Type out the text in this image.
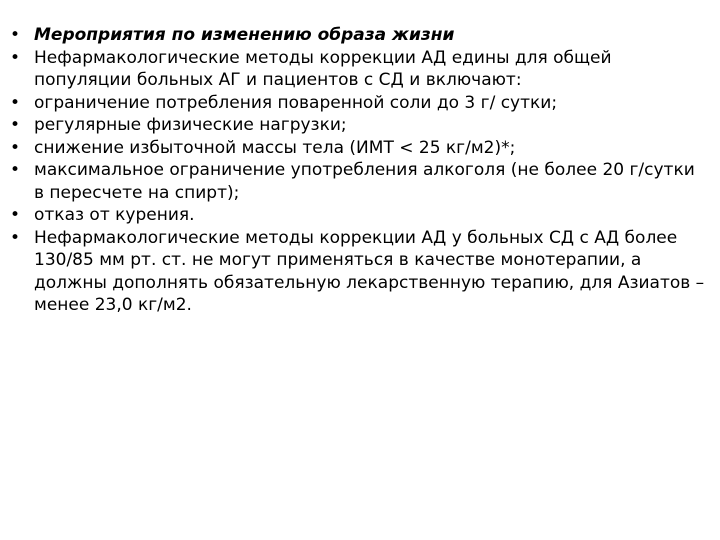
• Мероприятия по изменению образа жизни
• Нефармакологические методы коррекции АД едины для общей популяции больных АГ и пациентов с СД и включают:
• ограничение потребления поваренной соли до 3 г/ сутки;
• регулярные физические нагрузки;
• снижение избыточной массы тела (ИМТ < 25 кг/м2)*;
• максимальное ограничение употребления алкоголя (не более 20 г/сутки в пересчете на спирт);
• отказ от курения.
• Нефармакологические методы коррекции АД у больных СД с АД более 130/85 мм рт. ст. не могут применяться в качестве монотерапии, а должны дополнять обязательную лекарственную терапию, для Азиатов – менее 23,0 кг/м2.
